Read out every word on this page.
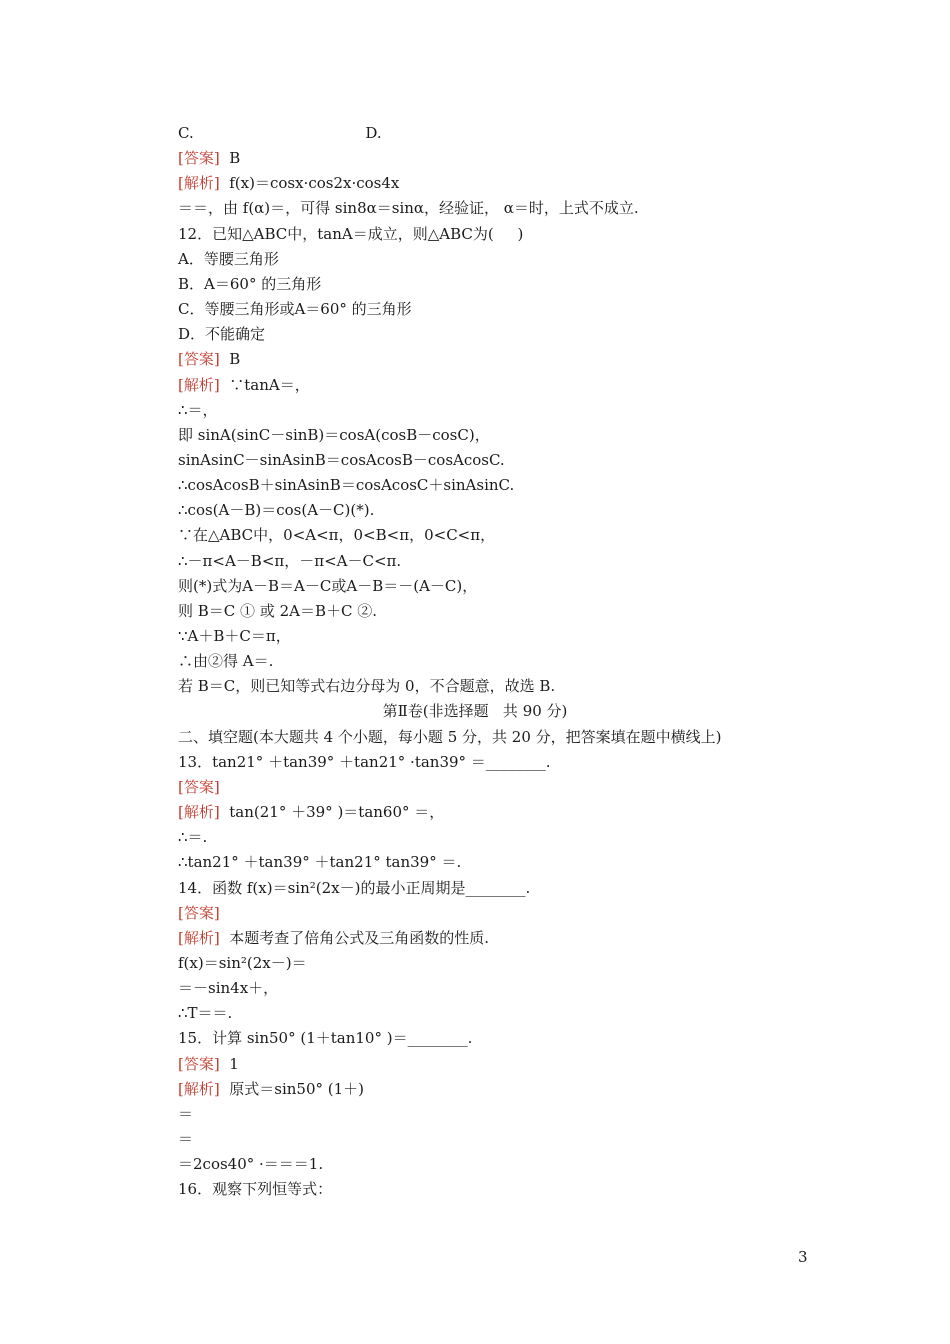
C.                                    D.
[答案]  B
[解析]  f(x)＝cosx·cos2x·cos4x
＝＝，由 f(α)＝，可得 sin8α＝sinα，经验证， α＝时，上式不成立.
12．已知△ABC中，tanA＝成立，则△ABC为(     )
A．等腰三角形
B．A＝60° 的三角形
C．等腰三角形或A＝60° 的三角形
D．不能确定
[答案]  B
[解析]  ∵tanA＝，
∴＝，
即 sinA(sinC－sinB)＝cosA(cosB－cosC)，
sinAsinC－sinAsinB＝cosAcosB－cosAcosC.
∴cosAcosB＋sinAsinB＝cosAcosC＋sinAsinC.
∴cos(A－B)＝cos(A－C)(*).
∵在△ABC中，0<A<π，0<B<π，0<C<π，
∴－π<A－B<π，－π<A－C<π.
则(*)式为A－B＝A－C或A－B＝－(A－C)，
则 B＝C ① 或 2A＝B＋C ②.
∵A＋B＋C＝π，
∴由②得 A＝.
若 B＝C，则已知等式右边分母为 0，不合题意，故选 B.
第Ⅱ卷(非选择题   共 90 分)
二、填空题(本大题共 4 个小题，每小题 5 分，共 20 分，把答案填在题中横线上)
13．tan21° ＋tan39° ＋tan21° ·tan39° ＝________.
[答案]
[解析]  tan(21° ＋39° )＝tan60° ＝，
∴＝.
∴tan21° ＋tan39° ＋tan21° tan39° ＝.
14．函数 f(x)＝sin²(2x－)的最小正周期是________.
[答案]
[解析]  本题考查了倍角公式及三角函数的性质.
f(x)＝sin²(2x－)＝
＝－sin4x＋，
∴T＝＝.
15．计算 sin50° (1＋tan10° )＝________.
[答案]  1
[解析]  原式＝sin50° (1＋)
＝
＝
＝2cos40° ·＝＝＝1.
16．观察下列恒等式：
3
